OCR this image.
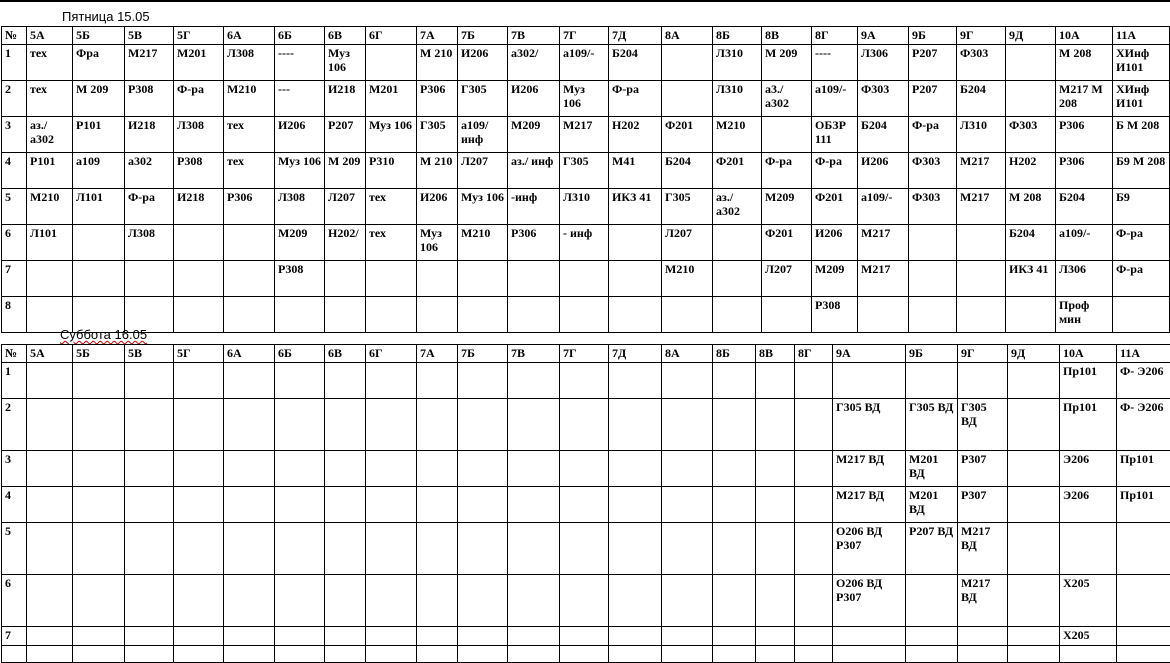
Пятница 15.05
Суббота 16.05
№	5А	5Б	5В	5Г	6А	6Б	6В	6Г	7А	7Б	7В	7Г	7Д	8А	8Б	8В	8Г	9А	9Б	9Г	9Д	10А	11А
1	тех	Фра	М217	М201	Л308	----	Муз 106		М 210	И206	а302/	а109/-	Б204		Л310	М 209	----	Л306	Р207	Ф303		М 208	ХИнф И101
2	тех	М 209	Р308	Ф-ра	М210	---	И218	М201	Р306	Г305	И206	Муз 106	Ф-ра		Л310	а3./ а302	а109/-	Ф303	Р207	Б204		М217 М 208	ХИнф И101
3	аз./ а302	Р101	И218	Л308	тех	И206	Р207	Муз 106	Г305	а109/ инф	М209	М217	Н202	Ф201	М210		ОБЗР 111	Б204	Ф-ра	Л310	Ф303	Р306	Б М 208
4	Р101	а109	а302	Р308	тех	Муз 106	М 209	Р310	М 210	Л207	аз./ инф	Г305	М41	Б204	Ф201	Ф-ра	Ф-ра	И206	Ф303	М217	Н202	Р306	Б9 М 208
5	М210	Л101	Ф-ра	И218	Р306	Л308	Л207	тех	И206	Муз 106	-инф	Л310	ИКЗ 41	Г305	аз./ а302	М209	Ф201	а109/-	Ф303	М217	М 208	Б204	Б9
6	Л101		Л308			М209	Н202/	тех	Муз 106	М210	Р306	- инф		Л207		Ф201	И206	М217			Б204	а109/-	Ф-ра
7						Р308								М210		Л207	М209	М217			ИКЗ 41	Л306	Ф-ра
8																	Р308					Проф мин	
№	5А	5Б	5В	5Г	6А	6Б	6В	6Г	7А	7Б	7В	7Г	7Д	8А	8Б	8В	8Г	9А	9Б	9Г	9Д	10А	11А
1																						Пр101	Ф- Э206
2																		Г305 ВД	Г305 ВД	Г305 ВД		Пр101	Ф- Э206
3																		М217 ВД	М201 ВД	Р307		Э206	Пр101
4																		М217 ВД	М201 ВД	Р307		Э206	Пр101
5																		О206 ВД Р307	Р207 ВД	М217 ВД			
6																		О206 ВД Р307		М217 ВД		Х205	
7																						Х205	
